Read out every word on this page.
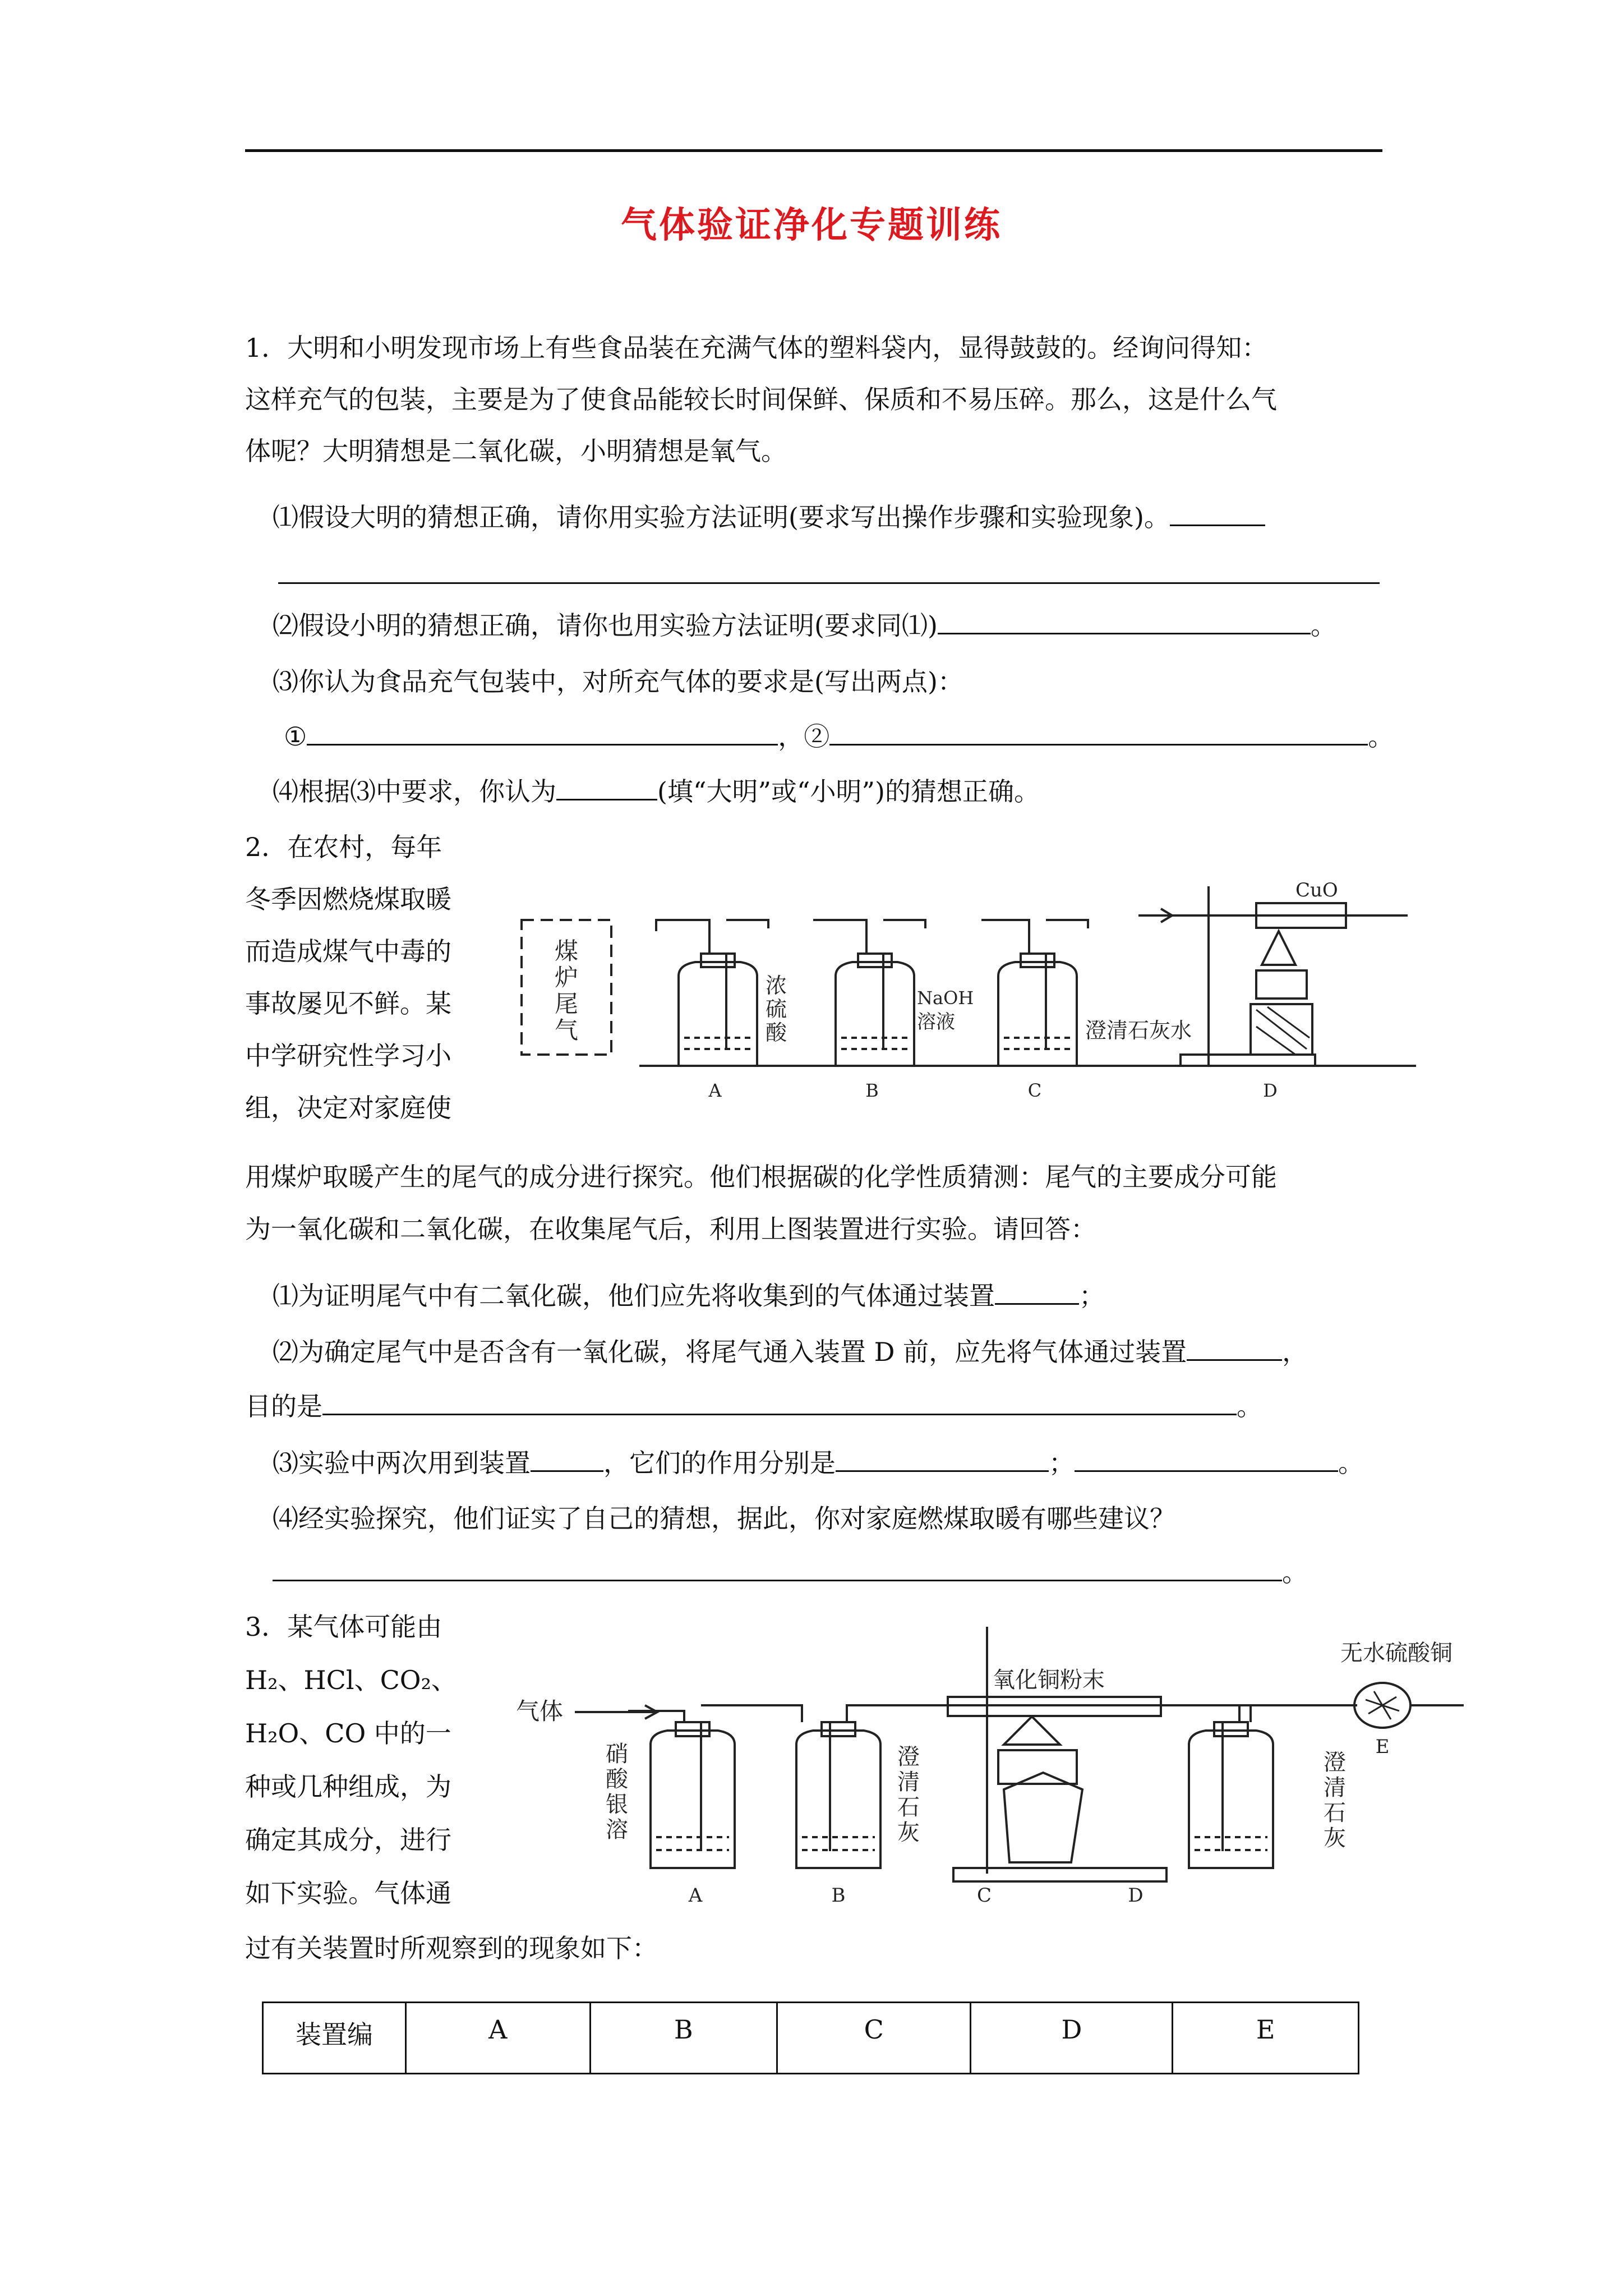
气体验证净化专题训练
1．大明和小明发现市场上有些食品装在充满气体的塑料袋内，显得鼓鼓的。经询问得知：
这样充气的包装，主要是为了使食品能较长时间保鲜、保质和不易压碎。那么，这是什么气
体呢？大明猜想是二氧化碳，小明猜想是氧气。
⑴假设大明的猜想正确，请你用实验方法证明(要求写出操作步骤和实验现象)。
⑵假设小明的猜想正确，请你也用实验方法证明(要求同⑴)	。
⑶你认为食品充气包装中，对所充气体的要求是(写出两点)：
①	，②	。
⑷根据⑶中要求，你认为	(填“大明”或“小明”)的猜想正确。
2．在农村，每年
冬季因燃烧煤取暖
而造成煤气中毒的
事故屡见不鲜。某
中学研究性学习小
组，决定对家庭使
煤
炉
尾
气
浓
硫
酸
NaOH
溶液	澄清石灰水
CuO
A	B	C	D
用煤炉取暖产生的尾气的成分进行探究。他们根据碳的化学性质猜测：尾气的主要成分可能
为一氧化碳和二氧化碳，在收集尾气后，利用上图装置进行实验。请回答：
⑴为证明尾气中有二氧化碳，他们应先将收集到的气体通过装置	；
⑵为确定尾气中是否含有一氧化碳，将尾气通入装置 D 前，应先将气体通过装置	，
目的是	。
⑶实验中两次用到装置	，它们的作用分别是	；	。
⑷经实验探究，他们证实了自己的猜想，据此，你对家庭燃煤取暖有哪些建议？
。
3．某气体可能由
H₂、HCl、CO₂、
H₂O、CO 中的一
种或几种组成，为
确定其成分，进行
如下实验。气体通
气体
硝
酸
银
溶
澄
清
石
灰
氧化铜粉末
澄
清
石
灰
无水硫酸铜
A	B	C	D
E
过有关装置时所观察到的现象如下：
装置编	A	B	C	D	E
